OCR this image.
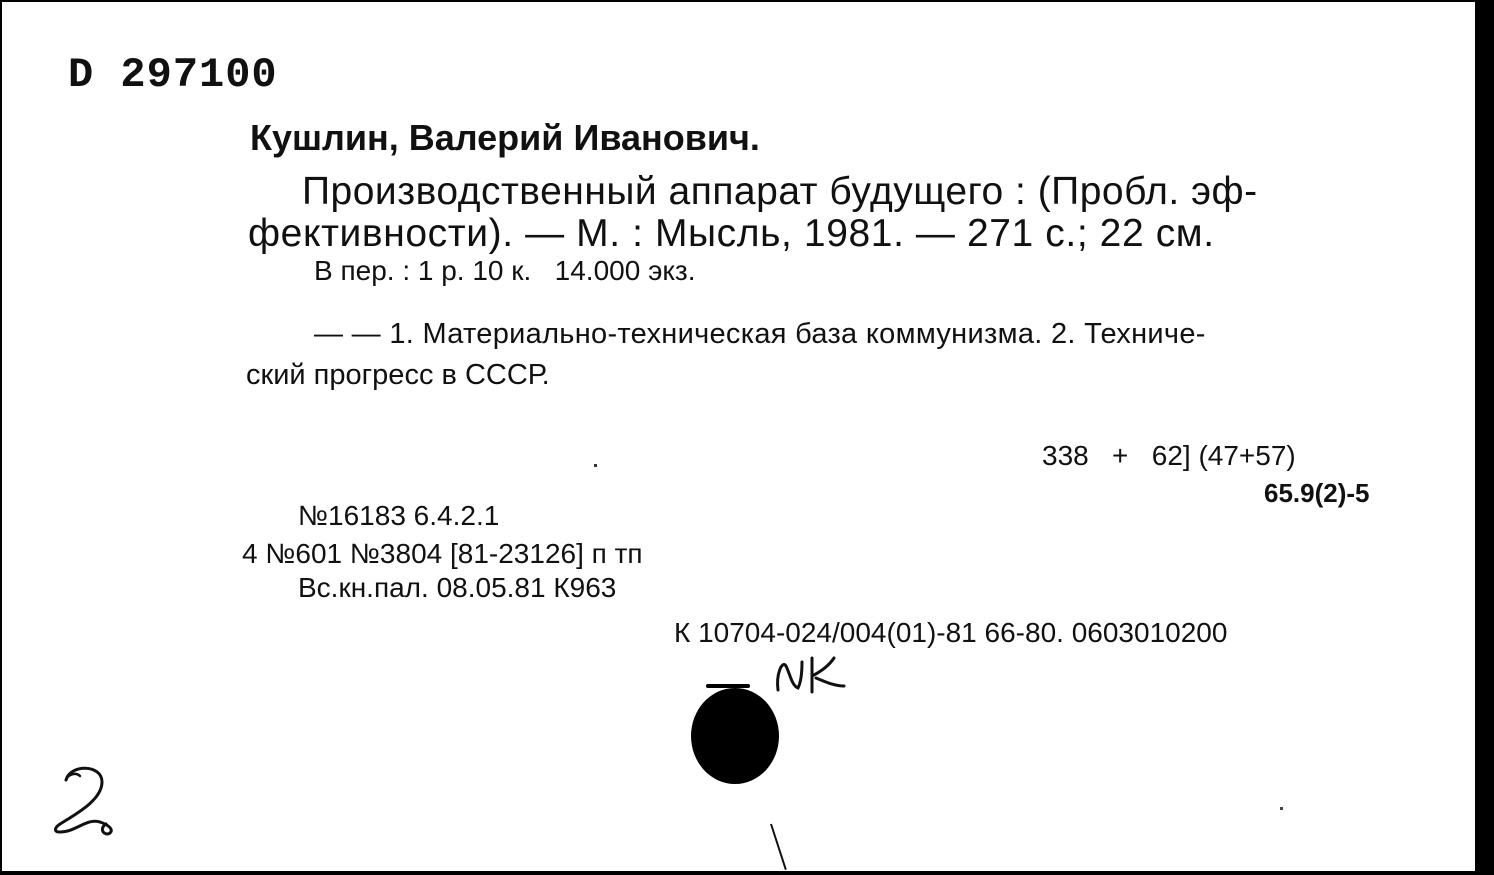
D 297100
Кушлин, Валерий Иванович.
Производственный аппарат будущего : (Пробл. эф-
фективности). — М. : Мысль, 1981. — 271 с.; 22 см.
В пер. : 1 р. 10 к.   14.000 экз.
— — 1. Материально-техническая база коммунизма. 2. Техниче-
ский прогресс в СССР.
338   +   62] (47+57)
65.9(2)-5
№16183 6.4.2.1
4 №601 №3804 [81-23126] п тп
Вс.кн.пал. 08.05.81 К963
К 10704-024/004(01)-81 66-80. 0603010200
